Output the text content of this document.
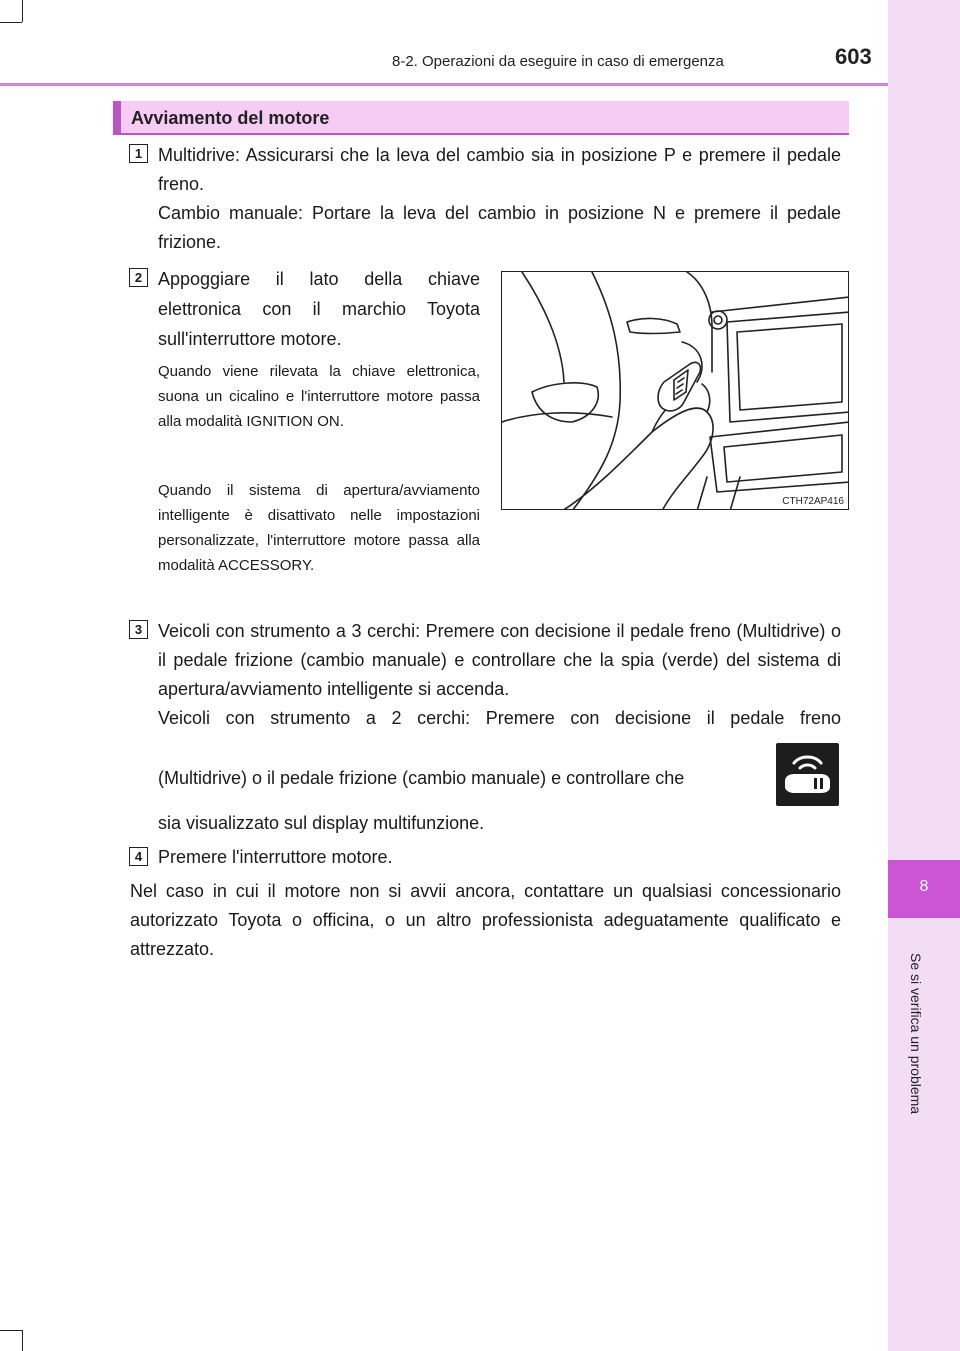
8-2. Operazioni da eseguire in caso di emergenza	603
8
Se si verifica un problema
Avviamento del motore
1 Multidrive: Assicurarsi che la leva del cambio sia in posizione P e premere il pedale freno.
Cambio manuale: Portare la leva del cambio in posizione N e premere il pedale frizione.
2 Appoggiare il lato della chiave elettronica con il marchio Toyota sull'interruttore motore.
Quando viene rilevata la chiave elettronica, suona un cicalino e l'interruttore motore passa alla modalità IGNITION ON.
Quando il sistema di apertura/avviamento intelligente è disattivato nelle impostazioni personalizzate, l'interruttore motore passa alla modalità ACCESSORY.
CTH72AP416
3 Veicoli con strumento a 3 cerchi: Premere con decisione il pedale freno (Multidrive) o il pedale frizione (cambio manuale) e controllare che la spia (verde) del sistema di apertura/avviamento intelligente si accenda.
Veicoli con strumento a 2 cerchi: Premere con decisione il pedale freno
(Multidrive) o il pedale frizione (cambio manuale) e controllare che
sia visualizzato sul display multifunzione.
4 Premere l'interruttore motore.
Nel caso in cui il motore non si avvii ancora, contattare un qualsiasi concessionario autorizzato Toyota o officina, o un altro professionista adeguatamente qualificato e attrezzato.
